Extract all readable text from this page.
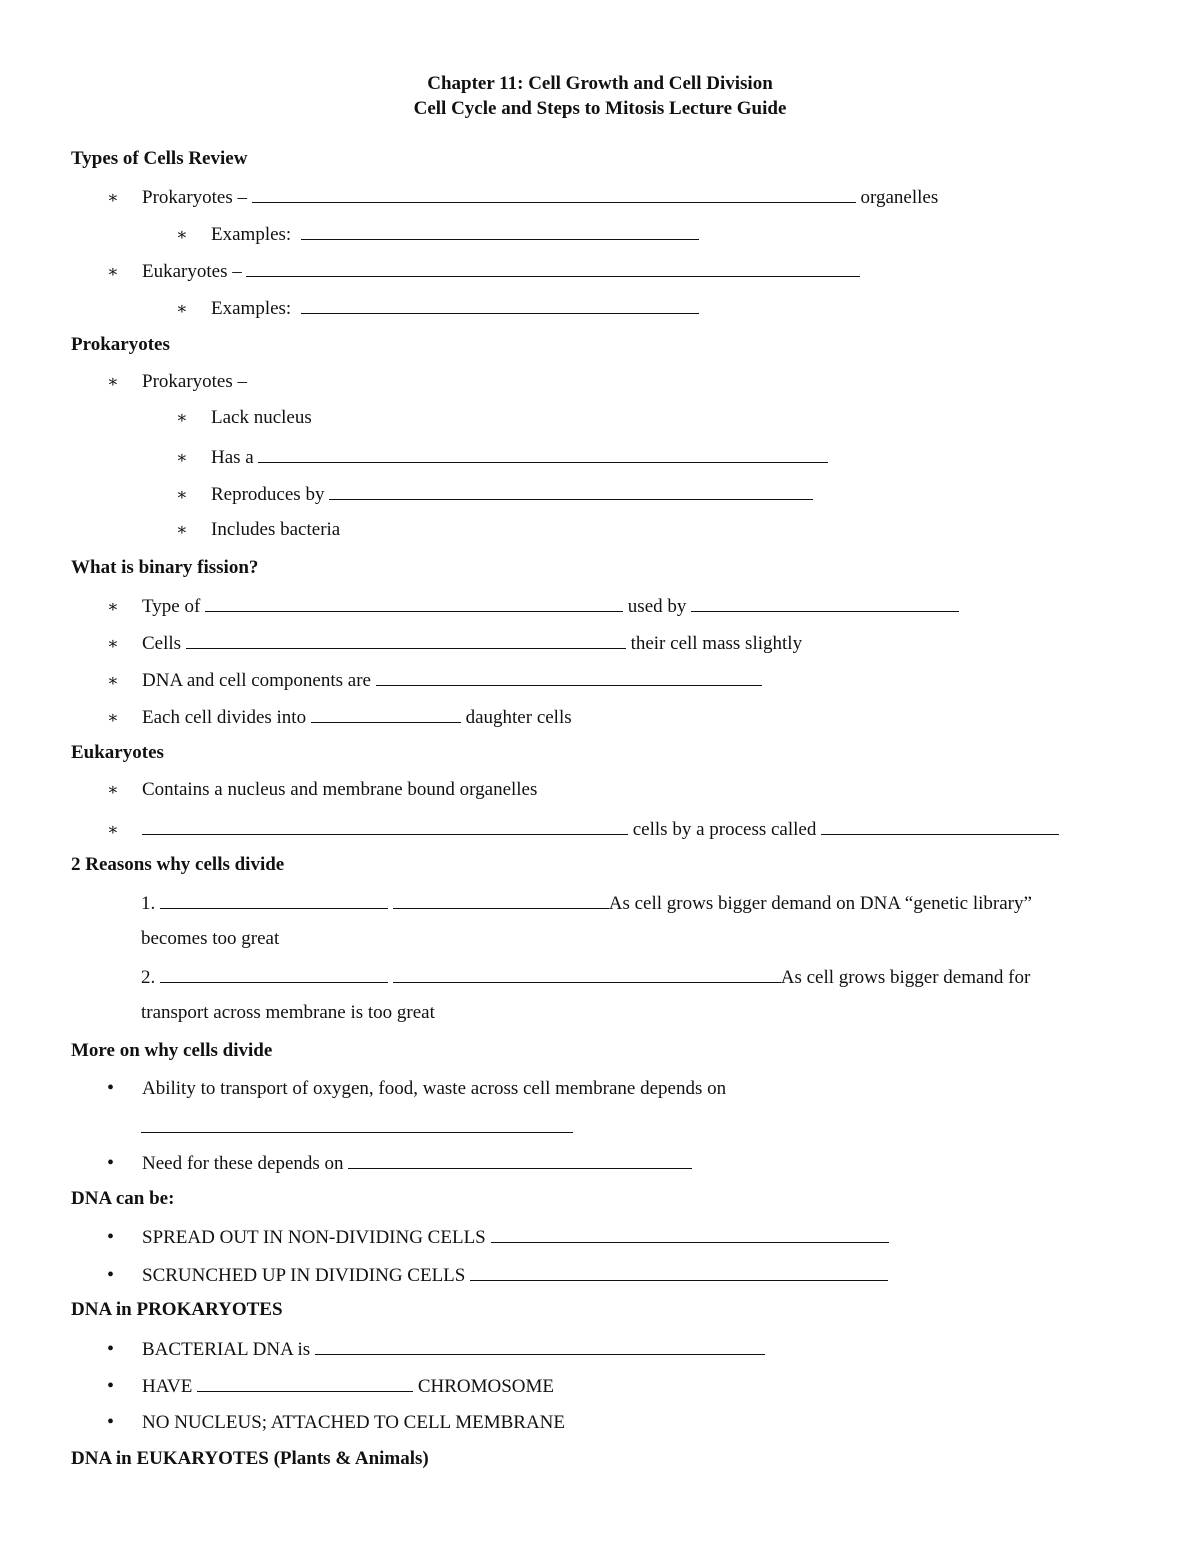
Chapter 11: Cell Growth and Cell Division
Cell Cycle and Steps to Mitosis Lecture Guide
Types of Cells Review
∗ Prokaryotes –	organelles
∗ Examples:
∗ Eukaryotes –
∗ Examples:
Prokaryotes
∗ Prokaryotes –
∗ Lack nucleus
∗ Has a
∗ Reproduces by
∗ Includes bacteria
What is binary fission?
∗ Type of	used by
∗ Cells	their cell mass slightly
∗ DNA and cell components are
∗ Each cell divides into	daughter cells
Eukaryotes
∗ Contains a nucleus and membrane bound organelles
∗	cells by a process called
2 Reasons why cells divide
1.	As cell grows bigger demand on DNA “genetic library”
becomes too great
2.	As cell grows bigger demand for
transport across membrane is too great
More on why cells divide
• Ability to transport of oxygen, food, waste across cell membrane depends on
• Need for these depends on
DNA can be:
• SPREAD OUT IN NON-DIVIDING CELLS
• SCRUNCHED UP IN DIVIDING CELLS
DNA in PROKARYOTES
• BACTERIAL DNA is
• HAVE	CHROMOSOME
• NO NUCLEUS; ATTACHED TO CELL MEMBRANE
DNA in EUKARYOTES (Plants & Animals)
